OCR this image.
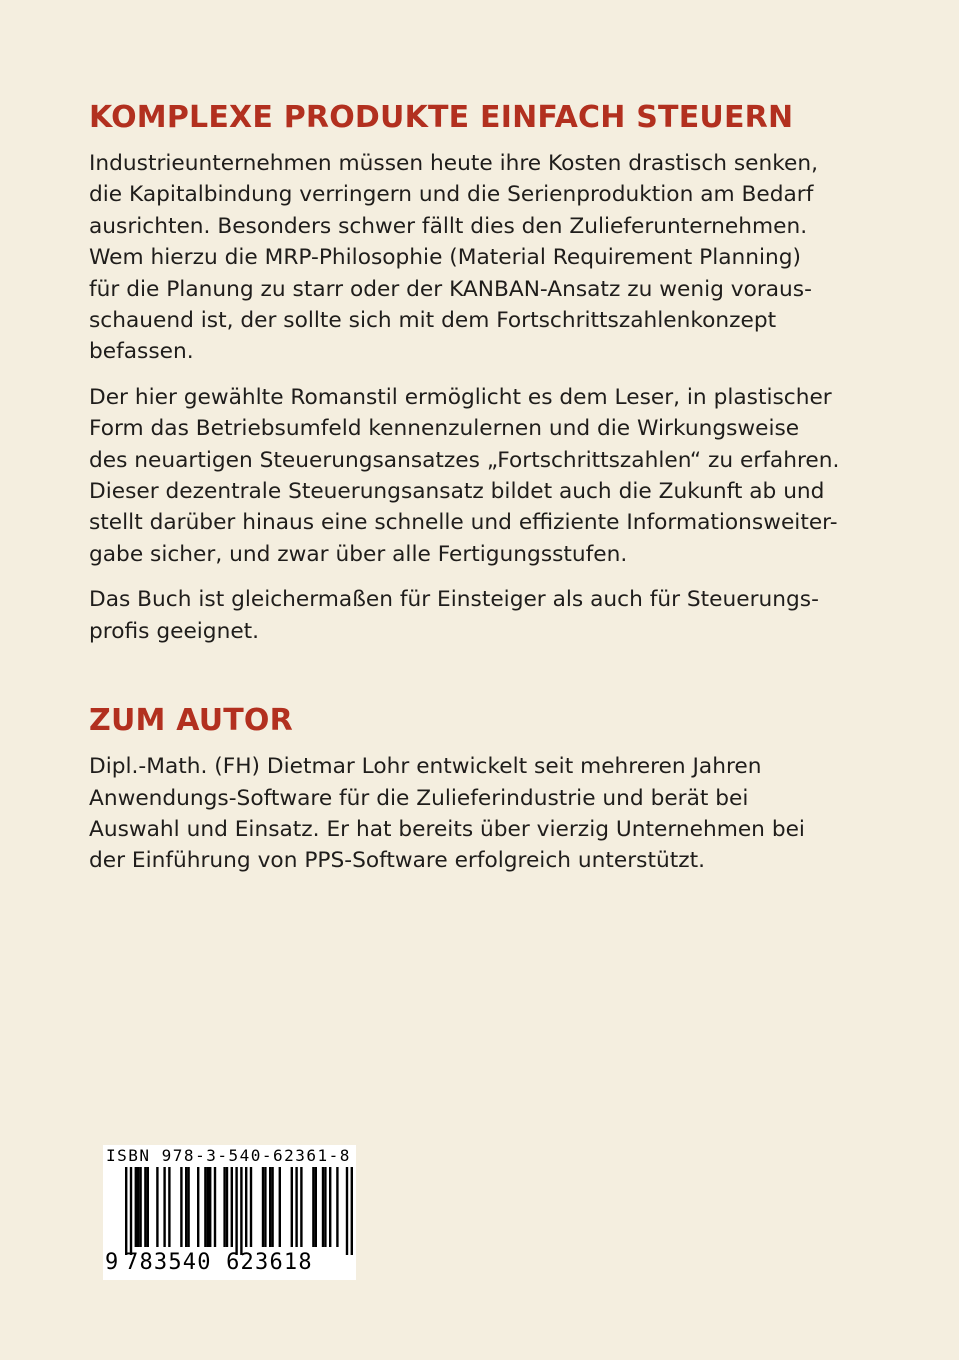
KOMPLEXE PRODUKTE EINFACH STEUERN

Industrieunternehmen müssen heute ihre Kosten drastisch senken,
die Kapitalbindung verringern und die Serienproduktion am Bedarf
ausrichten. Besonders schwer fällt dies den Zulieferunternehmen.
Wem hierzu die MRP-Philosophie (Material Requirement Planning)
für die Planung zu starr oder der KANBAN-Ansatz zu wenig voraus-
schauend ist, der sollte sich mit dem Fortschrittszahlenkonzept
befassen.

Der hier gewählte Romanstil ermöglicht es dem Leser, in plastischer
Form das Betriebsumfeld kennenzulernen und die Wirkungsweise
des neuartigen Steuerungsansatzes „Fortschrittszahlen“ zu erfahren.
Dieser dezentrale Steuerungsansatz bildet auch die Zukunft ab und
stellt darüber hinaus eine schnelle und effiziente Informationsweiter-
gabe sicher, und zwar über alle Fertigungsstufen.

Das Buch ist gleichermaßen für Einsteiger als auch für Steuerungs-
profis geeignet.

ZUM AUTOR

Dipl.-Math. (FH) Dietmar Lohr entwickelt seit mehreren Jahren
Anwendungs-Software für die Zulieferindustrie und berät bei
Auswahl und Einsatz. Er hat bereits über vierzig Unternehmen bei
der Einführung von PPS-Software erfolgreich unterstützt.

ISBN 978-3-540-62361-8
9 783540 623618
